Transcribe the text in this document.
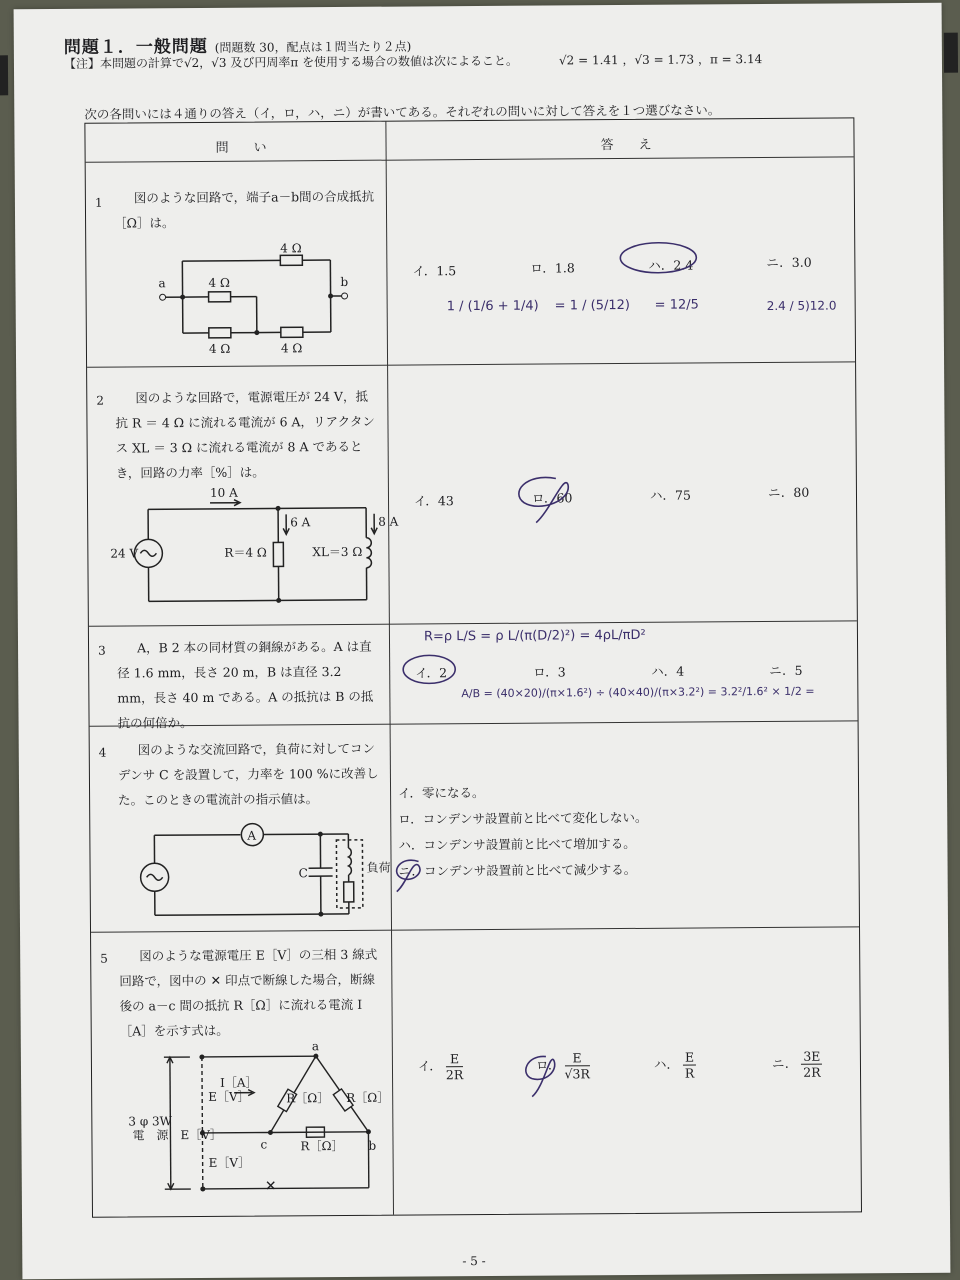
問題１．一般問題 (問題数 30，配点は１問当たり２点)
【注】本問題の計算で√2，√3 及び円周率π を使用する場合の数値は次によること。	√2 = 1.41 ，√3 = 1.73 ，π = 3.14
次の各問いには４通りの答え（イ，ロ，ハ，ニ）が書いてある。それぞれの問いに対して答えを１つ選びなさい。
問　い	答　え
1	図のような回路で，端子a－b間の合成抵抗［Ω］は。
a	b
4 Ω
4 Ω
4 Ω	4 Ω
イ．1.5	ロ．1.8	ハ．2.4	ニ．3.0
1 / (1/6 + 1/4) = 1 / (5/12) = 12/5	2.4 / 5)12.0
2	図のような回路で，電源電圧が 24 V，抵抗 R ＝ 4 Ω に流れる電流が 6 A，リアクタンス XL ＝ 3 Ω に流れる電流が 8 A であるとき，回路の力率［%］は。
10 A
6 A	8 A
24 V	R＝4 Ω	XL＝3 Ω
イ．43	ロ．60	ハ．75	ニ．80
3	A，B 2 本の同材質の銅線がある。A は直径 1.6 mm，長さ 20 m，B は直径 3.2 mm，長さ 40 m である。A の抵抗は B の抵抗の何倍か。
R=ρ L/S = ρ L/(π(D/2)²) = 4ρL/πD²
イ．2	ロ．3	ハ．4	ニ．5
A/B = (40×20)/(π×1.6²) ÷ (40×40)/(π×3.2²) = 3.2²/1.6² × 1/2 =
4	図のような交流回路で，負荷に対してコンデンサ C を設置して，力率を 100 %に改善した。このときの電流計の指示値は。
A
C	負荷
イ．零になる。
ロ．コンデンサ設置前と比べて変化しない。
ハ．コンデンサ設置前と比べて増加する。
ニ．コンデンサ設置前と比べて減少する。
5	図のような電源電圧 E［V］の三相 3 線式回路で，図中の ✕ 印点で断線した場合，断線後の a－c 間の抵抗 R［Ω］に流れる電流 I［A］を示す式は。
✕
a
b
c
I［A］
E［V］
E［V］
E［V］
R［Ω］ R［Ω］
R［Ω］
3 φ 3W
電　源
イ． $\frac{E}{2R}$	ロ． $\frac{E}{√3R}$	ハ． $\frac{E}{R}$	ニ． $\frac{3E}{2R}$
- 5 -
